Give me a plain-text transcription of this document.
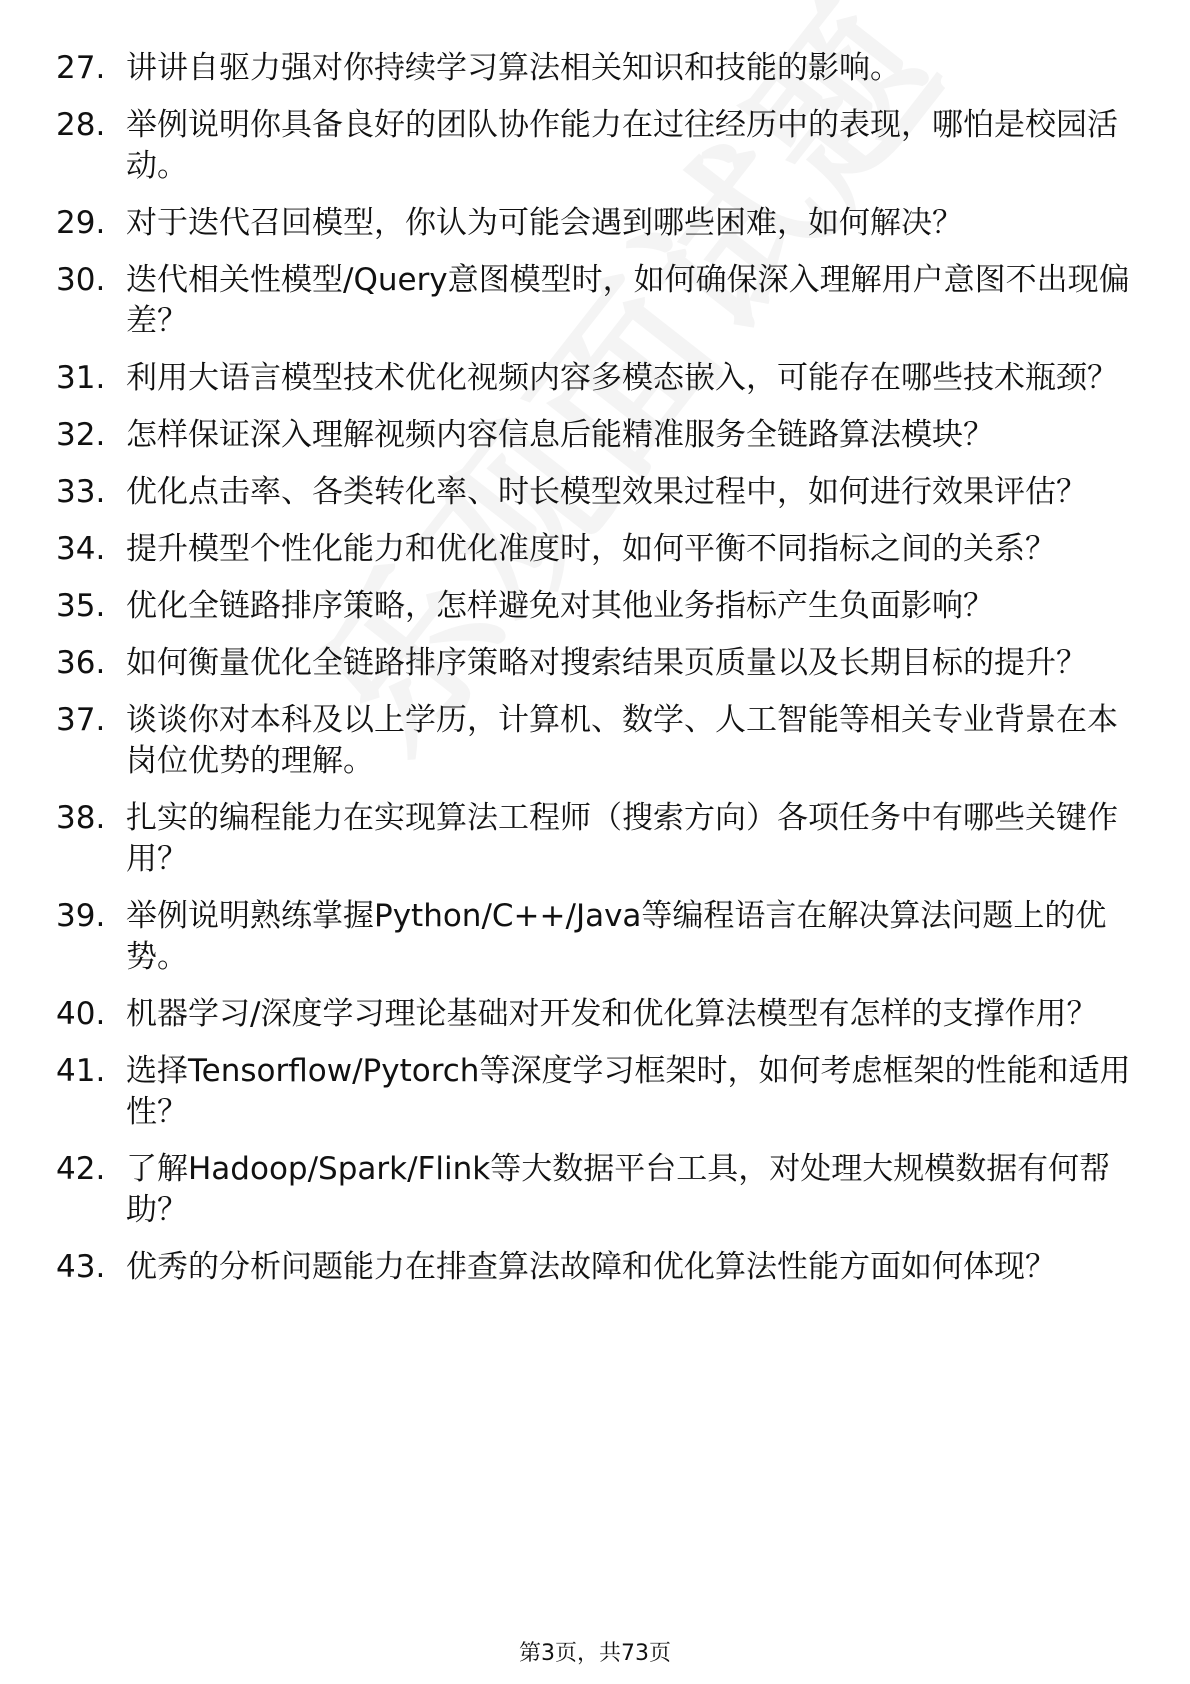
27. 讲讲自驱力强对你持续学习算法相关知识和技能的影响。
28. 举例说明你具备良好的团队协作能力在过往经历中的表现，哪怕是校园活动。
29. 对于迭代召回模型，你认为可能会遇到哪些困难，如何解决？
30. 迭代相关性模型/Query意图模型时，如何确保深入理解用户意图不出现偏差？
31. 利用大语言模型技术优化视频内容多模态嵌入，可能存在哪些技术瓶颈？
32. 怎样保证深入理解视频内容信息后能精准服务全链路算法模块？
33. 优化点击率、各类转化率、时长模型效果过程中，如何进行效果评估？
34. 提升模型个性化能力和优化准度时，如何平衡不同指标之间的关系？
35. 优化全链路排序策略，怎样避免对其他业务指标产生负面影响？
36. 如何衡量优化全链路排序策略对搜索结果页质量以及长期目标的提升？
37. 谈谈你对本科及以上学历，计算机、数学、人工智能等相关专业背景在本岗位优势的理解。
38. 扎实的编程能力在实现算法工程师（搜索方向）各项任务中有哪些关键作用？
39. 举例说明熟练掌握Python/C++/Java等编程语言在解决算法问题上的优势。
40. 机器学习/深度学习理论基础对开发和优化算法模型有怎样的支撑作用？
41. 选择Tensorflow/Pytorch等深度学习框架时，如何考虑框架的性能和适用性？
42. 了解Hadoop/Spark/Flink等大数据平台工具，对处理大规模数据有何帮助？
43. 优秀的分析问题能力在排查算法故障和优化算法性能方面如何体现？
第3页，共73页
